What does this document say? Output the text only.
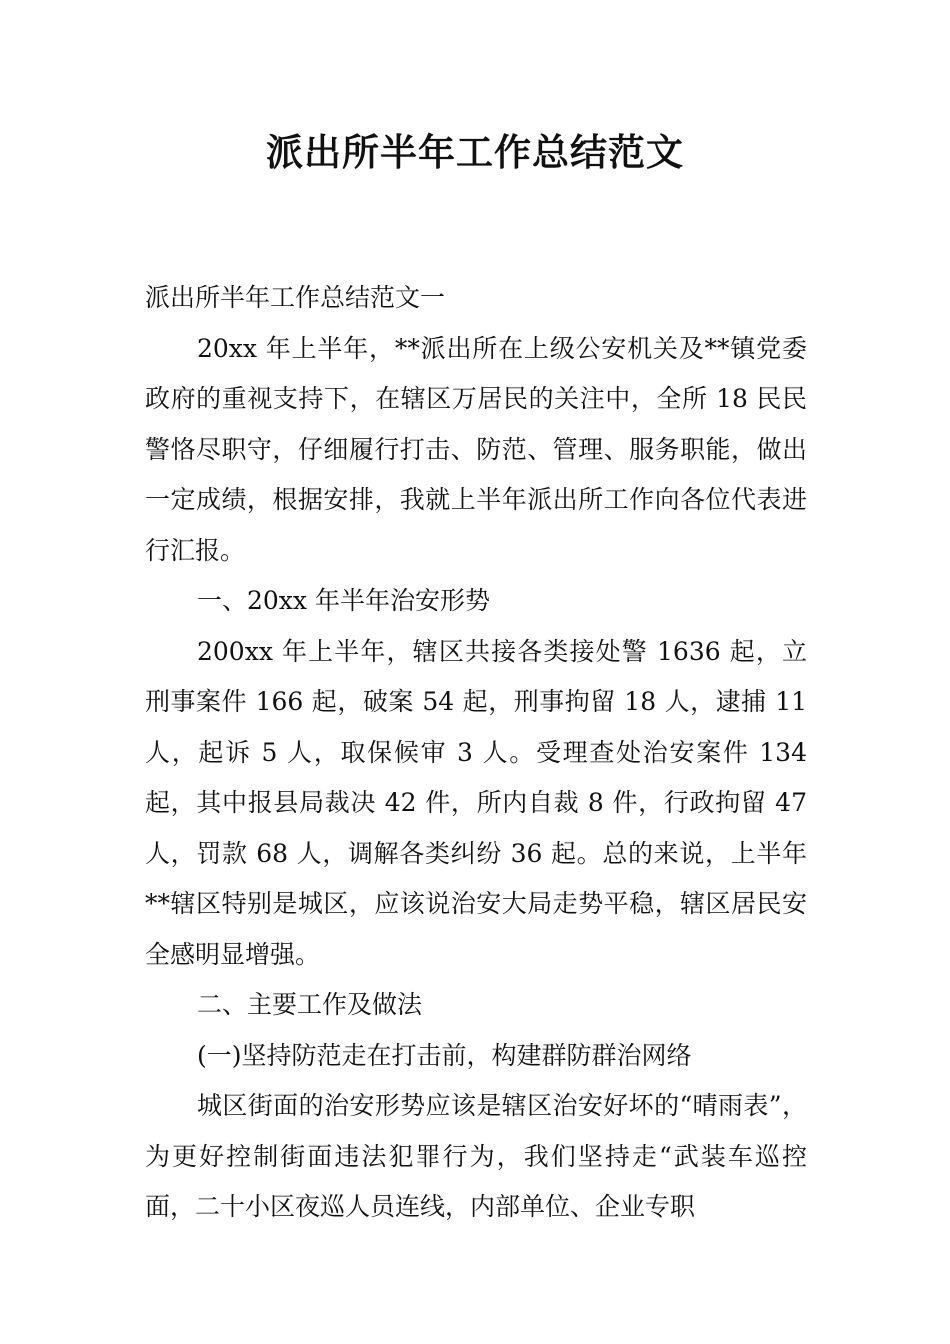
派出所半年工作总结范文

派出所半年工作总结范文一

20xx 年上半年，**派出所在上级公安机关及**镇党委政府的重视支持下，在辖区万居民的关注中，全所 18 民民警恪尽职守，仔细履行打击、防范、管理、服务职能，做出一定成绩，根据安排，我就上半年派出所工作向各位代表进行汇报。

一、20xx 年半年治安形势

200xx 年上半年，辖区共接各类接处警 1636 起，立刑事案件 166 起，破案 54 起，刑事拘留 18 人，逮捕 11 人，起诉 5 人，取保候审 3 人。受理查处治安案件 134 起，其中报县局裁决 42 件，所内自裁 8 件，行政拘留 47 人，罚款 68 人，调解各类纠纷 36 起。总的来说，上半年**辖区特别是城区，应该说治安大局走势平稳，辖区居民安全感明显增强。

二、主要工作及做法

(一)坚持防范走在打击前，构建群防群治网络

城区街面的治安形势应该是辖区治安好坏的“晴雨表”，为更好控制街面违法犯罪行为，我们坚持走“武装车巡控面，二十小区夜巡人员连线，内部单位、企业专职
